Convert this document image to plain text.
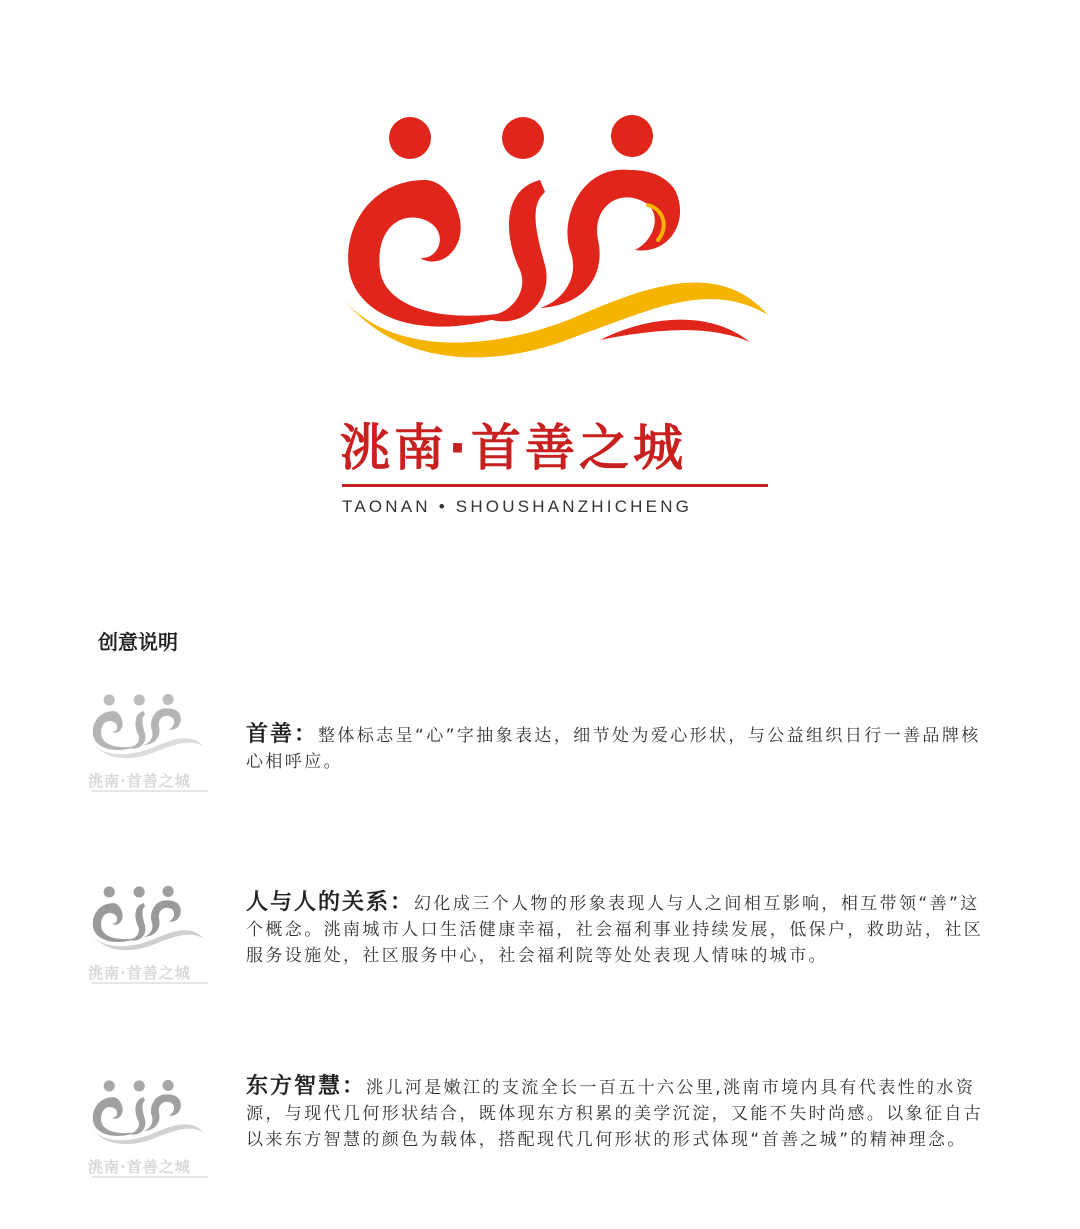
洮南·首善之城
TAONAN • SHOUSHANZHICHENG
创意说明
洮南·首善之城
首善：整体标志呈“心”字抽象表达，细节处为爱心形状，与公益组织日行一善品牌核心相呼应。
洮南·首善之城
人与人的关系：幻化成三个人物的形象表现人与人之间相互影响，相互带领“善”这个概念。洮南城市人口生活健康幸福，社会福利事业持续发展，低保户，救助站，社区服务设施处，社区服务中心，社会福利院等处处表现人情味的城市。
洮南·首善之城
东方智慧：洮儿河是嫩江的支流全长一百五十六公里,洮南市境内具有代表性的水资源，与现代几何形状结合，既体现东方积累的美学沉淀，又能不失时尚感。以象征自古以来东方智慧的颜色为载体，搭配现代几何形状的形式体现“首善之城”的精神理念。
